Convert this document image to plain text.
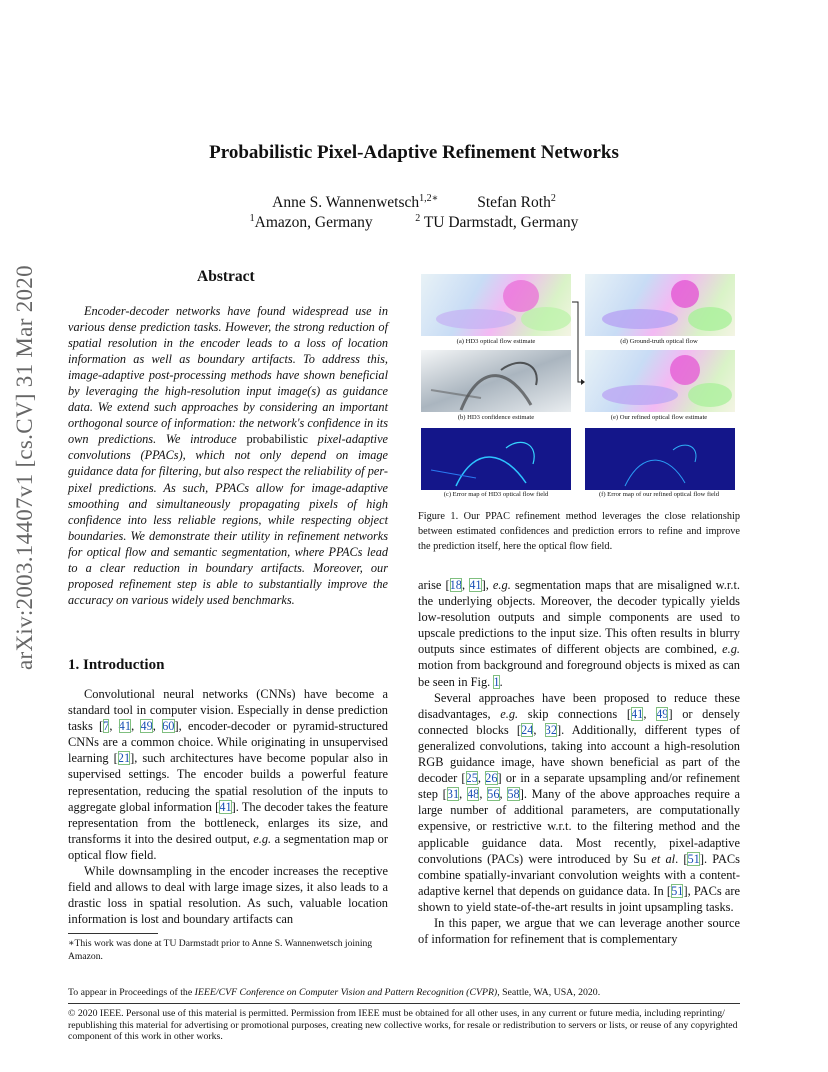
Probabilistic Pixel-Adaptive Refinement Networks
Anne S. Wannenwetsch$^{1,2∗}$	Stefan Roth$^2$
$^1$Amazon, Germany	$^2$ TU Darmstadt, Germany
arXiv:2003.14407v1 [cs.CV] 31 Mar 2020	Abstract

Encoder-decoder networks have found widespread use in various dense prediction tasks. However, the strong reduction of spatial resolution in the encoder leads to a loss of location information as well as boundary artifacts. To address this, image-adaptive post-processing methods have shown beneficial by leveraging the high-resolution input image(s) as guidance data. We extend such approaches by considering an important orthogonal source of information: the network's confidence in its own predictions. We introduce probabilistic pixel-adaptive convolutions (PPACs), which not only depend on image guidance data for filtering, but also respect the reliability of per-pixel predictions. As such, PPACs allow for image-adaptive smoothing and simultaneously propagating pixels of high confidence into less reliable regions, while respecting object boundaries. We demonstrate their utility in refinement networks for optical flow and semantic segmentation, where PPACs lead to a clear reduction in boundary artifacts. Moreover, our proposed refinement step is able to substantially improve the accuracy on various widely used benchmarks.

1. Introduction

Convolutional neural networks (CNNs) have become a standard tool in computer vision. Especially in dense prediction tasks [7, 41, 49, 60], encoder-decoder or pyramid-structured CNNs are a common choice. While originating in unsupervised learning [21], such architectures have become popular also in supervised settings. The encoder builds a powerful feature representation, reducing the spatial resolution of the inputs to aggregate global information [41]. The decoder takes the feature representation from the bottleneck, enlarges its size, and transforms it into the desired output, e.g. a segmentation map or optical flow field.

While downsampling in the encoder increases the receptive field and allows to deal with large image sizes, it also leads to a drastic loss in spatial resolution. As such, valuable location information is lost and boundary artifacts can

∗This work was done at TU Darmstadt prior to Anne S. Wannenwetsch joining Amazon.
(a) HD3 optical flow estimate
(b) HD3 confidence estimate
(c) Error map of HD3 optical flow field
(d) Ground-truth optical flow
(e) Our refined optical flow estimate
(f) Error map of our refined optical flow field
Figure 1. Our PPAC refinement method leverages the close relationship between estimated confidences and prediction errors to refine and improve the prediction itself, here the optical flow field.

arise [18, 41], e.g. segmentation maps that are misaligned w.r.t. the underlying objects. Moreover, the decoder typically yields low-resolution outputs and simple components are used to upscale predictions to the input size. This often results in blurry outputs since estimates of different objects are combined, e.g. motion from background and foreground objects is mixed as can be seen in Fig. 1.

Several approaches have been proposed to reduce these disadvantages, e.g. skip connections [41, 49] or densely connected blocks [24, 32]. Additionally, different types of generalized convolutions, taking into account a high-resolution RGB guidance image, have shown beneficial as part of the decoder [25, 26] or in a separate upsampling and/or refinement step [31, 48, 56, 58]. Many of the above approaches require a large number of additional parameters, are computationally expensive, or restrictive w.r.t. to the filtering method and the applicable guidance data. Most recently, pixel-adaptive convolutions (PACs) were introduced by Su et al. [51]. PACs combine spatially-invariant convolution weights with a content-adaptive kernel that depends on guidance data. In [51], PACs are shown to yield state-of-the-art results in joint upsampling tasks.

In this paper, we argue that we can leverage another source of information for refinement that is complementary

To appear in Proceedings of the IEEE/CVF Conference on Computer Vision and Pattern Recognition (CVPR), Seattle, WA, USA, 2020.
© 2020 IEEE. Personal use of this material is permitted. Permission from IEEE must be obtained for all other uses, in any current or future media, including reprinting/ republishing this material for advertising or promotional purposes, creating new collective works, for resale or redistribution to servers or lists, or reuse of any copyrighted component of this work in other works.
